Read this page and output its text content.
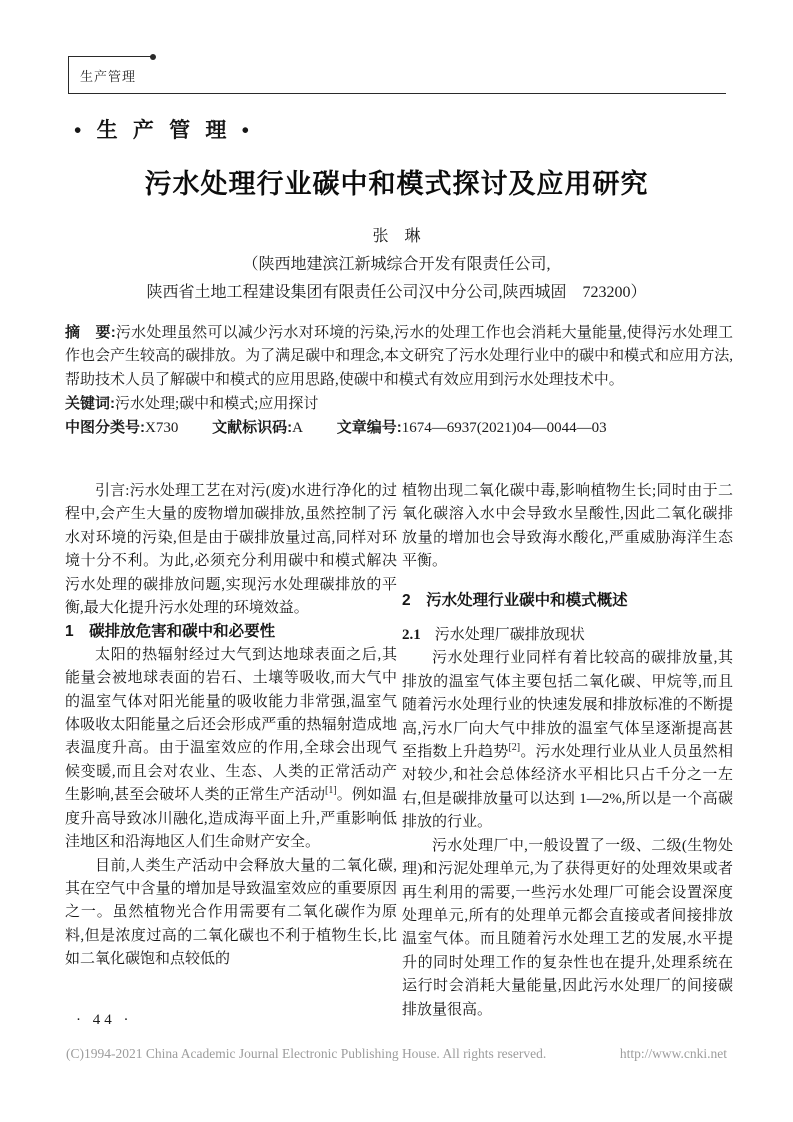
生产管理
• 生 产 管 理 •
污水处理行业碳中和模式探讨及应用研究
张　琳
（陕西地建滨江新城综合开发有限责任公司,
陕西省土地工程建设集团有限责任公司汉中分公司,陕西城固　723200）

摘　要:污水处理虽然可以减少污水对环境的污染,污水的处理工作也会消耗大量能量,使得污水处理工作也会产生较高的碳排放。为了满足碳中和理念,本文研究了污水处理行业中的碳中和模式和应用方法,帮助技术人员了解碳中和模式的应用思路,使碳中和模式有效应用到污水处理技术中。

关键词:污水处理;碳中和模式;应用探讨

中图分类号:X730 文献标识码:A 文章编号:1674—6937(2021)04—0044—03

引言:污水处理工艺在对污(废)水进行净化的过程中,会产生大量的废物增加碳排放,虽然控制了污水对环境的污染,但是由于碳排放量过高,同样对环境十分不利。为此,必须充分利用碳中和模式解决污水处理的碳排放问题,实现污水处理碳排放的平衡,最大化提升污水处理的环境效益。

1　碳排放危害和碳中和必要性

太阳的热辐射经过大气到达地球表面之后,其能量会被地球表面的岩石、土壤等吸收,而大气中的温室气体对阳光能量的吸收能力非常强,温室气体吸收太阳能量之后还会形成严重的热辐射造成地表温度升高。由于温室效应的作用,全球会出现气候变暖,而且会对农业、生态、人类的正常活动产生影响,甚至会破坏人类的正常生产活动[1]。例如温度升高导致冰川融化,造成海平面上升,严重影响低洼地区和沿海地区人们生命财产安全。

目前,人类生产活动中会释放大量的二氧化碳,其在空气中含量的增加是导致温室效应的重要原因之一。虽然植物光合作用需要有二氧化碳作为原料,但是浓度过高的二氧化碳也不利于植物生长,比如二氧化碳饱和点较低的

植物出现二氧化碳中毒,影响植物生长;同时由于二氧化碳溶入水中会导致水呈酸性,因此二氧化碳排放量的增加也会导致海水酸化,严重威胁海洋生态平衡。

2　污水处理行业碳中和模式概述

2.1 污水处理厂碳排放现状

污水处理行业同样有着比较高的碳排放量,其排放的温室气体主要包括二氧化碳、甲烷等,而且随着污水处理行业的快速发展和排放标准的不断提高,污水厂向大气中排放的温室气体呈逐渐提高甚至指数上升趋势[2]。污水处理行业从业人员虽然相对较少,和社会总体经济水平相比只占千分之一左右,但是碳排放量可以达到 1—2%,所以是一个高碳排放的行业。

污水处理厂中,一般设置了一级、二级(生物处理)和污泥处理单元,为了获得更好的处理效果或者再生利用的需要,一些污水处理厂可能会设置深度处理单元,所有的处理单元都会直接或者间接排放温室气体。而且随着污水处理工艺的发展,水平提升的同时处理工作的复杂性也在提升,处理系统在运行时会消耗大量能量,因此污水处理厂的间接碳排放量很高。

· 44 ·
(C)1994-2021 China Academic Journal Electronic Publishing House. All rights reserved.	http://www.cnki.net
